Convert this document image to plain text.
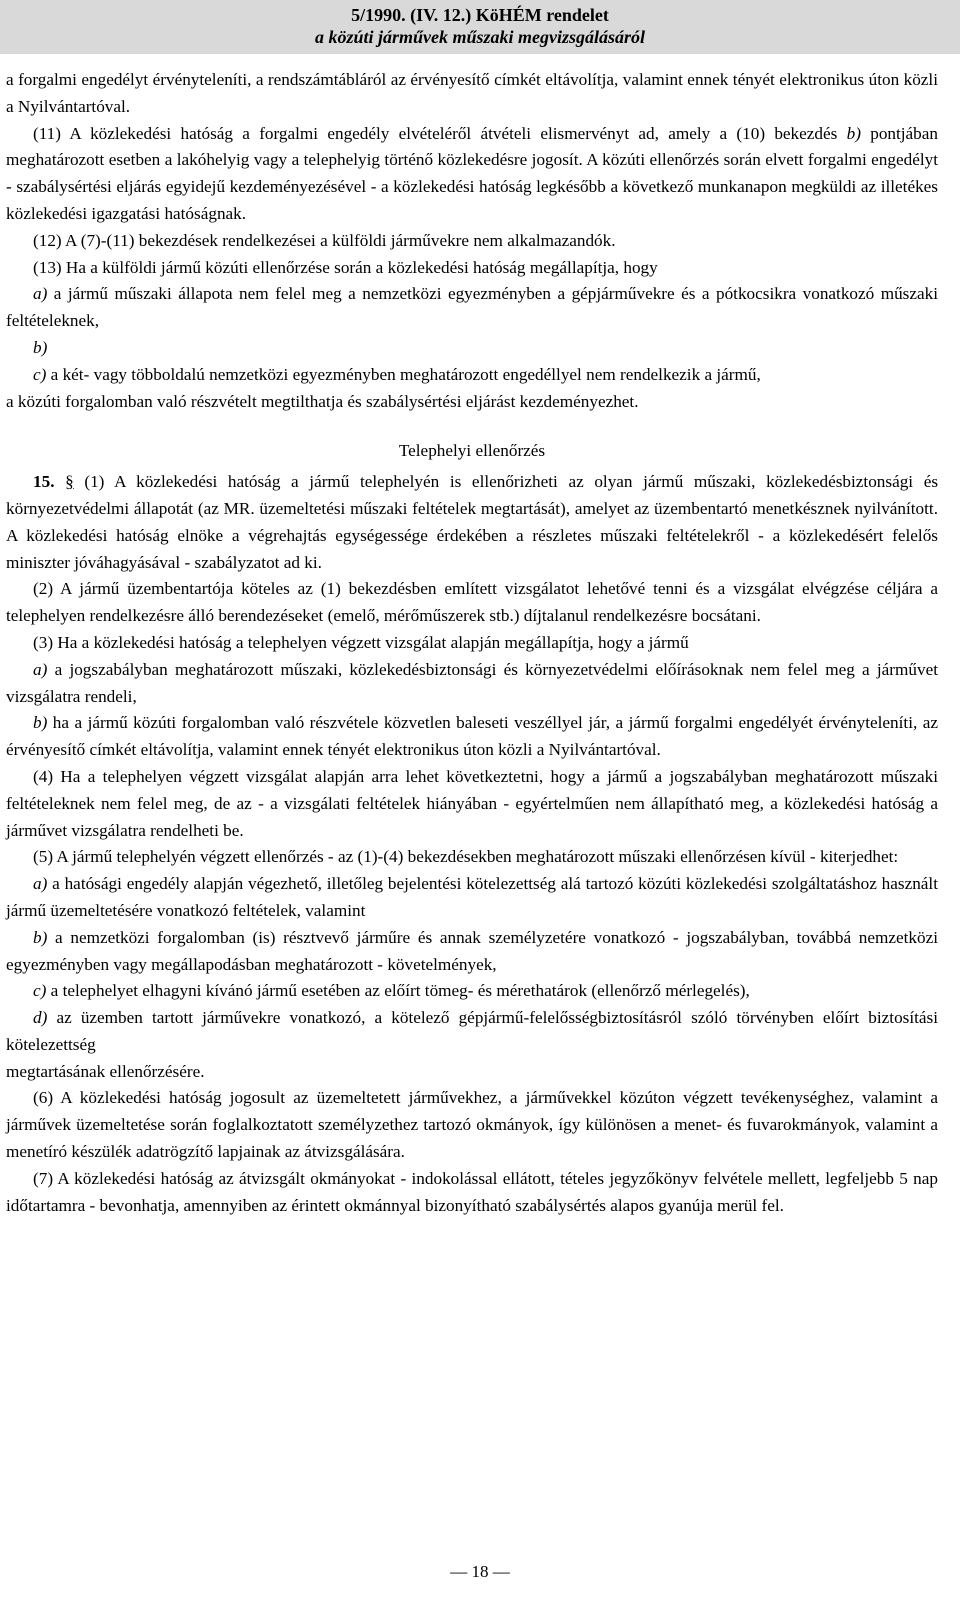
5/1990. (IV. 12.) KöHÉM rendelet
a közúti járművek műszaki megvizsgálásáról

a forgalmi engedélyt érvényteleníti, a rendszámtábláról az érvényesítő címkét eltávolítja, valamint ennek tényét elektronikus úton közli a Nyilvántartóval.

(11) A közlekedési hatóság a forgalmi engedély elvételéről átvételi elismervényt ad, amely a (10) bekezdés b) pontjában meghatározott esetben a lakóhelyig vagy a telephelyig történő közlekedésre jogosít. A közúti ellenőrzés során elvett forgalmi engedélyt - szabálysértési eljárás egyidejű kezdeményezésével - a közlekedési hatóság legkésőbb a következő munkanapon megküldi az illetékes közlekedési igazgatási hatóságnak.

(12) A (7)-(11) bekezdések rendelkezései a külföldi járművekre nem alkalmazandók.

(13) Ha a külföldi jármű közúti ellenőrzése során a közlekedési hatóság megállapítja, hogy

a) a jármű műszaki állapota nem felel meg a nemzetközi egyezményben a gépjárművekre és a pótkocsikra vonatkozó műszaki feltételeknek,

b)

c) a két- vagy többoldalú nemzetközi egyezményben meghatározott engedéllyel nem rendelkezik a jármű,

a közúti forgalomban való részvételt megtilthatja és szabálysértési eljárást kezdeményezhet.

Telephelyi ellenőrzés

15. § (1) A közlekedési hatóság a jármű telephelyén is ellenőrizheti az olyan jármű műszaki, közlekedésbiztonsági és környezetvédelmi állapotát (az MR. üzemeltetési műszaki feltételek megtartását), amelyet az üzembentartó menetkésznek nyilvánított. A közlekedési hatóság elnöke a végrehajtás egységessége érdekében a részletes műszaki feltételekről - a közlekedésért felelős miniszter jóváhagyásával - szabályzatot ad ki.

(2) A jármű üzembentartója köteles az (1) bekezdésben említett vizsgálatot lehetővé tenni és a vizsgálat elvégzése céljára a telephelyen rendelkezésre álló berendezéseket (emelő, mérőműszerek stb.) díjtalanul rendelkezésre bocsátani.

(3) Ha a közlekedési hatóság a telephelyen végzett vizsgálat alapján megállapítja, hogy a jármű

a) a jogszabályban meghatározott műszaki, közlekedésbiztonsági és környezetvédelmi előírásoknak nem felel meg a járművet vizsgálatra rendeli,

b) ha a jármű közúti forgalomban való részvétele közvetlen baleseti veszéllyel jár, a jármű forgalmi engedélyét érvényteleníti, az érvényesítő címkét eltávolítja, valamint ennek tényét elektronikus úton közli a Nyilvántartóval.

(4) Ha a telephelyen végzett vizsgálat alapján arra lehet következtetni, hogy a jármű a jogszabályban meghatározott műszaki feltételeknek nem felel meg, de az - a vizsgálati feltételek hiányában - egyértelműen nem állapítható meg, a közlekedési hatóság a járművet vizsgálatra rendelheti be.

(5) A jármű telephelyén végzett ellenőrzés - az (1)-(4) bekezdésekben meghatározott műszaki ellenőrzésen kívül - kiterjedhet:

a) a hatósági engedély alapján végezhető, illetőleg bejelentési kötelezettség alá tartozó közúti közlekedési szolgáltatáshoz használt jármű üzemeltetésére vonatkozó feltételek, valamint

b) a nemzetközi forgalomban (is) résztvevő járműre és annak személyzetére vonatkozó - jogszabályban, továbbá nemzetközi egyezményben vagy megállapodásban meghatározott - követelmények,

c) a telephelyet elhagyni kívánó jármű esetében az előírt tömeg- és mérethatárok (ellenőrző mérlegelés),

d) az üzemben tartott járművekre vonatkozó, a kötelező gépjármű-felelősségbiztosításról szóló törvényben előírt biztosítási kötelezettség

megtartásának ellenőrzésére.

(6) A közlekedési hatóság jogosult az üzemeltetett járművekhez, a járművekkel közúton végzett tevékenységhez, valamint a járművek üzemeltetése során foglalkoztatott személyzethez tartozó okmányok, így különösen a menet- és fuvarokmányok, valamint a menetíró készülék adatrögzítő lapjainak az átvizsgálására.

(7) A közlekedési hatóság az átvizsgált okmányokat - indokolással ellátott, tételes jegyzőkönyv felvétele mellett, legfeljebb 5 nap időtartamra - bevonhatja, amennyiben az érintett okmánnyal bizonyítható szabálysértés alapos gyanúja merül fel.

— 18 —
